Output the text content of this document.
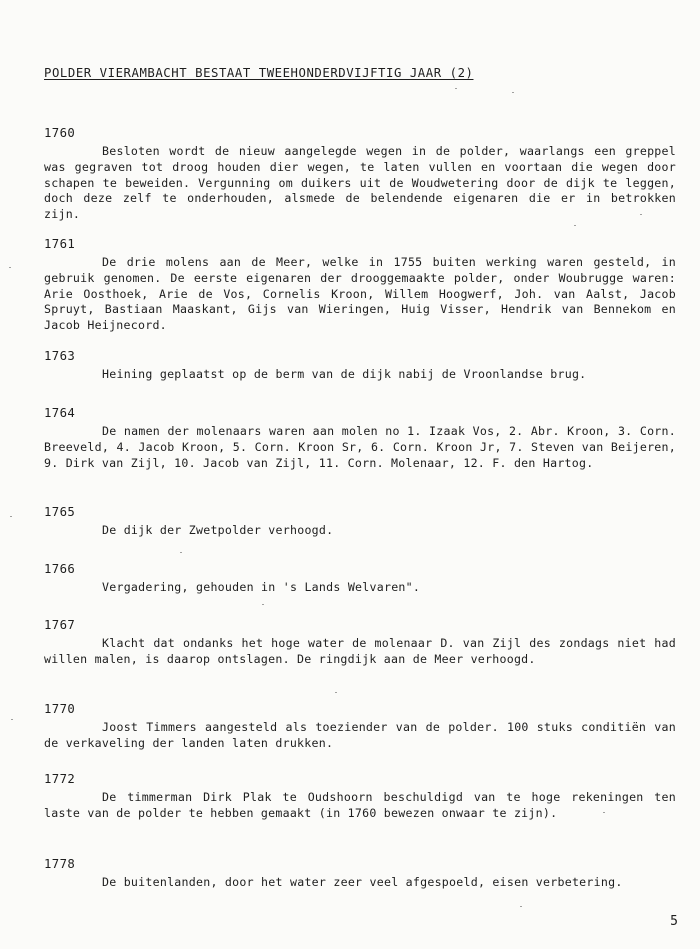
POLDER VIERAMBACHT BESTAAT TWEEHONDERDVIJFTIG JAAR (2)
1760
Besloten wordt de nieuw aangelegde wegen in de polder, waarlangs een greppel was gegraven tot droog houden dier wegen, te laten vullen en voortaan die wegen door schapen te beweiden. Vergunning om duikers uit de Woudwetering door de dijk te leggen, doch deze zelf te onderhouden, alsmede de belendende eigenaren die er in betrokken zijn.
1761
De drie molens aan de Meer, welke in 1755 buiten werking waren gesteld, in gebruik genomen. De eerste eigenaren der drooggemaakte polder, onder Woubrugge waren: Arie Oosthoek, Arie de Vos, Cornelis Kroon, Willem Hoogwerf, Joh. van Aalst, Jacob Spruyt, Bastiaan Maaskant, Gijs van Wieringen, Huig Visser, Hendrik van Bennekom en Jacob Heijnecord.
1763
Heining geplaatst op de berm van de dijk nabij de Vroonlandse brug.
1764
De namen der molenaars waren aan molen no 1. Izaak Vos, 2. Abr. Kroon, 3. Corn. Breeveld, 4. Jacob Kroon, 5. Corn. Kroon Sr, 6. Corn. Kroon Jr, 7. Steven van Beijeren, 9. Dirk van Zijl, 10. Jacob van Zijl, 11. Corn. Molenaar, 12. F. den Hartog.
1765
De dijk der Zwetpolder verhoogd.
1766
Vergadering, gehouden in 's Lands Welvaren".
1767
Klacht dat ondanks het hoge water de molenaar D. van Zijl des zondags niet had willen malen, is daarop ontslagen. De ringdijk aan de Meer verhoogd.
1770
Joost Timmers aangesteld als toeziender van de polder. 100 stuks conditiën van de verkaveling der landen laten drukken.
1772
De timmerman Dirk Plak te Oudshoorn beschuldigd van te hoge rekeningen ten laste van de polder te hebben gemaakt (in 1760 bewezen onwaar te zijn).
1778
De buitenlanden, door het water zeer veel afgespoeld, eisen verbetering.
5
